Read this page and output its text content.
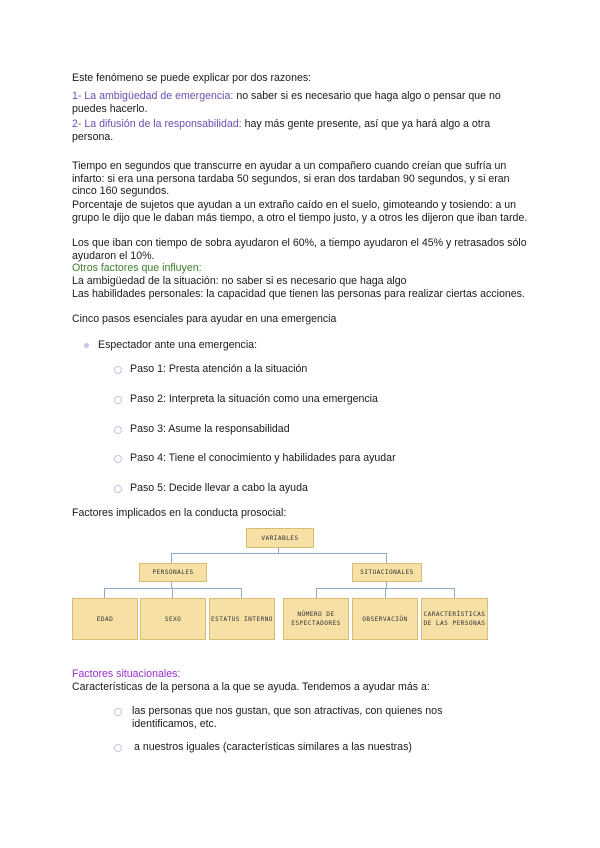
Este fenómeno se puede explicar por dos razones:
1- La ambigüedad de emergencia: no saber si es necesario que haga algo o pensar que no puedes hacerlo.
2- La difusión de la responsabilidad: hay más gente presente, así que ya hará algo a otra persona.
Tiempo en segundos que transcurre en ayudar a un compañero cuando creían que sufría un infarto: si era una persona tardaba 50 segundos, si eran dos tardaban 90 segundos, y si eran cinco 160 segundos.
Porcentaje de sujetos que ayudan a un extraño caído en el suelo, gimoteando y tosiendo: a un grupo le dijo que le daban más tiempo, a otro el tiempo justo, y a otros les dijeron que iban tarde.
Los que iban con tiempo de sobra ayudaron el 60%, a tiempo ayudaron el 45% y retrasados sólo ayudaron el 10%.
Otros factores que influyen:
La ambigüedad de la situación: no saber si es necesario que haga algo
Las habilidades personales: la capacidad que tienen las personas para realizar ciertas acciones.
Cinco pasos esenciales para ayudar en una emergencia
Espectador ante una emergencia:
Paso 1: Presta atención a la situación
Paso 2: Interpreta la situación como una emergencia
Paso 3: Asume la responsabilidad
Paso 4: Tiene el conocimiento y habilidades para ayudar
Paso 5: Decide llevar a cabo la ayuda
Factores implicados en la conducta prosocial:
VARIABLES
PERSONALES	SITUACIONALES
EDAD	SEXO	ESTATUS INTERNO
NÚMERO DE ESPECTADORES
OBSERVACIÓN
CARACTERÍSTICAS DE LAS PERSONAS
Factores situacionales:
Características de la persona a la que se ayuda. Tendemos a ayudar más a:
las personas que nos gustan, que son atractivas, con quienes nos identificamos, etc.
a nuestros iguales (características similares a las nuestras)
